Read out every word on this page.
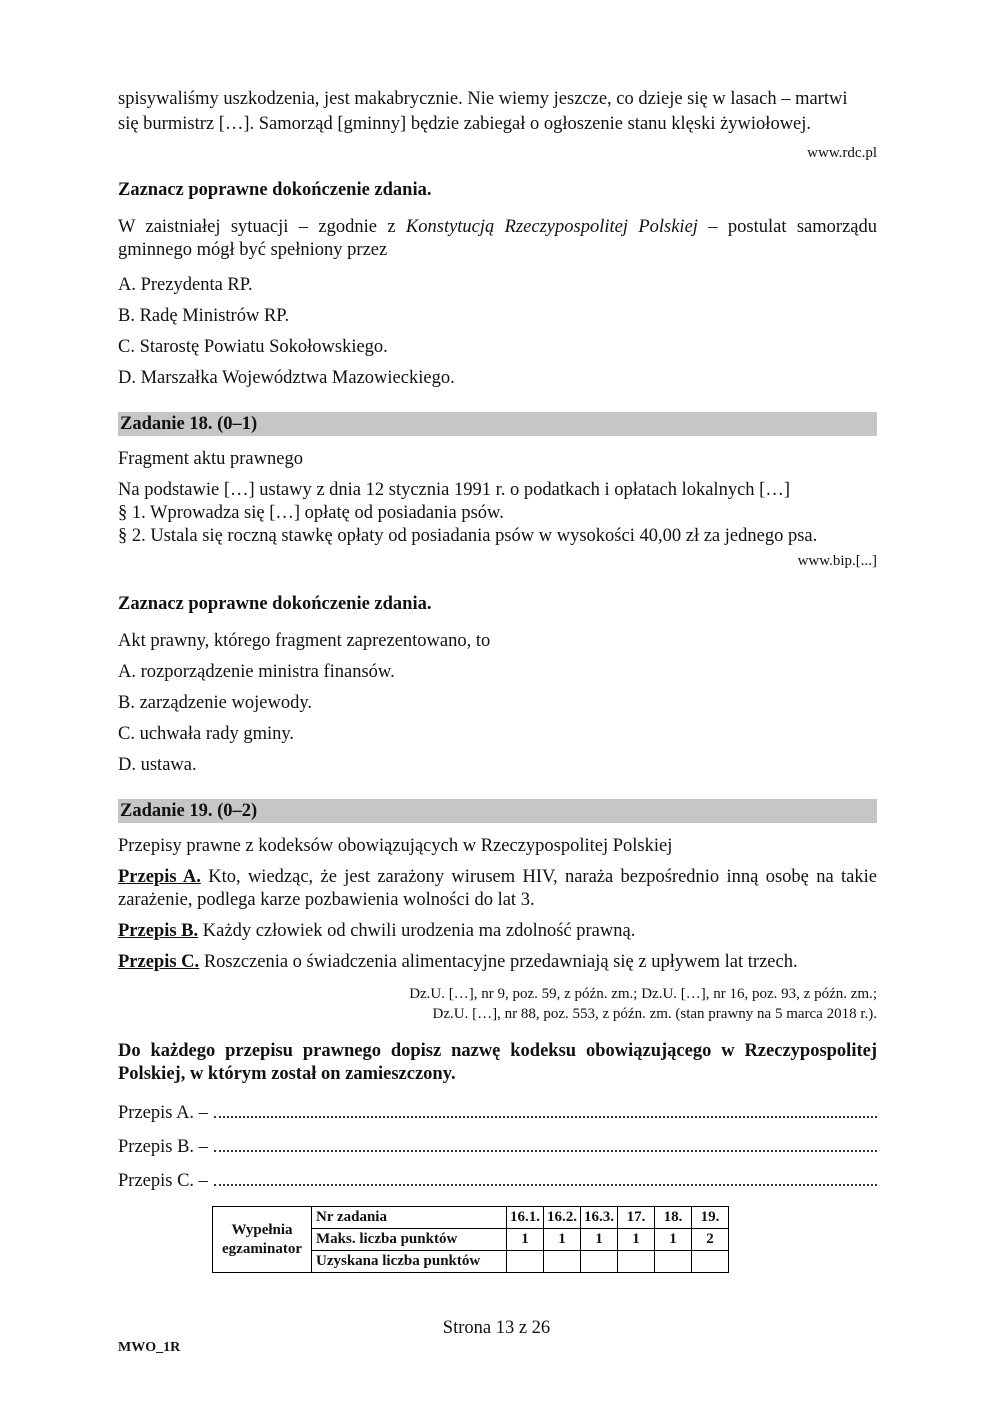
spisywaliśmy uszkodzenia, jest makabrycznie. Nie wiemy jeszcze, co dzieje się w lasach – martwi

się burmistrz […]. Samorząd [gminny] będzie zabiegał o ogłoszenie stanu klęski żywiołowej.

www.rdc.pl

Zaznacz poprawne dokończenie zdania.

W zaistniałej sytuacji – zgodnie z Konstytucją Rzeczypospolitej Polskiej – postulat samorządu gminnego mógł być spełniony przez

A. Prezydenta RP.

B. Radę Ministrów RP.

C. Starostę Powiatu Sokołowskiego.

D. Marszałka Województwa Mazowieckiego.

Zadanie 18. (0–1)

Fragment aktu prawnego

Na podstawie […] ustawy z dnia 12 stycznia 1991 r. o podatkach i opłatach lokalnych […]

§ 1. Wprowadza się […] opłatę od posiadania psów.

§ 2. Ustala się roczną stawkę opłaty od posiadania psów w wysokości 40,00 zł za jednego psa.

www.bip.[...]

Zaznacz poprawne dokończenie zdania.

Akt prawny, którego fragment zaprezentowano, to

A. rozporządzenie ministra finansów.

B. zarządzenie wojewody.

C. uchwała rady gminy.

D. ustawa.

Zadanie 19. (0–2)

Przepisy prawne z kodeksów obowiązujących w Rzeczypospolitej Polskiej

Przepis A. Kto, wiedząc, że jest zarażony wirusem HIV, naraża bezpośrednio inną osobę na takie zarażenie, podlega karze pozbawienia wolności do lat 3.

Przepis B. Każdy człowiek od chwili urodzenia ma zdolność prawną.

Przepis C. Roszczenia o świadczenia alimentacyjne przedawniają się z upływem lat trzech.

Dz.U. […], nr 9, poz. 59, z późn. zm.; Dz.U. […], nr 16, poz. 93, z późn. zm.;

Dz.U. […], nr 88, poz. 553, z późn. zm. (stan prawny na 5 marca 2018 r.).

Do każdego przepisu prawnego dopisz nazwę kodeksu obowiązującego w Rzeczypospolitej Polskiej, w którym został on zamieszczony.

Przepis A. –
Przepis B. –
Przepis C. –
Wypełnia
egzaminator	Nr zadania	16.1.	16.2.	16.3.	17.	18.	19.
	Maks. liczba punktów	1	1	1	1	1	2
	Uzyskana liczba punktów						
Strona 13 z 26
MWO_1R
